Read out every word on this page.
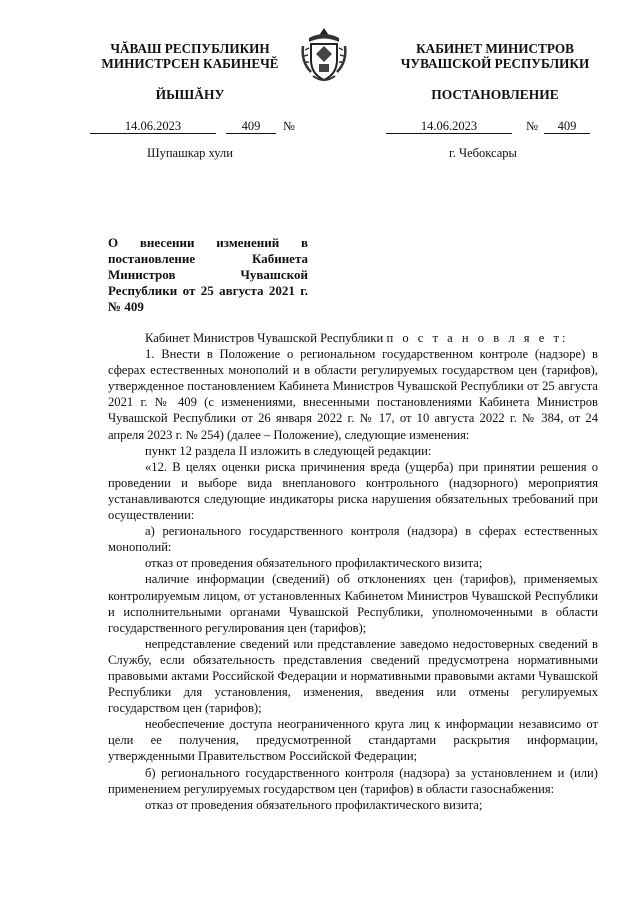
ЧĂВАШ РЕСПУБЛИКИН
МИНИСТРСЕН КАБИНЕЧĔ
ЙЫШĂНУ
КАБИНЕТ МИНИСТРОВ
ЧУВАШСКОЙ РЕСПУБЛИКИ
ПОСТАНОВЛЕНИЕ
14.06.2023	409	№	14.06.2023	№	409
Шупашкар хули	г. Чебоксары
О внесении изменений в постановление Кабинета Министров Чувашской Республики от 25 августа 2021 г. № 409

Кабинет Министров Чувашской Республики п о с т а н о в л я е т:

1. Внести в Положение о региональном государственном контроле (надзоре) в сферах естественных монополий и в области регулируемых государством цен (тарифов), утвержденное постановлением Кабинета Министров Чувашской Республики от 25 августа 2021 г. № 409 (с изменениями, внесенными постановлениями Кабинета Министров Чувашской Республики от 26 января 2022 г. № 17, от 10 августа 2022 г. № 384, от 24 апреля 2023 г. № 254) (далее – Положение), следующие изменения:

пункт 12 раздела II изложить в следующей редакции:

«12. В целях оценки риска причинения вреда (ущерба) при принятии решения о проведении и выборе вида внепланового контрольного (надзорного) мероприятия устанавливаются следующие индикаторы риска нарушения обязательных требований при осуществлении:

а) регионального государственного контроля (надзора) в сферах естественных монополий:

отказ от проведения обязательного профилактического визита;

наличие информации (сведений) об отклонениях цен (тарифов), применяемых контролируемым лицом, от установленных Кабинетом Министров Чувашской Республики и исполнительными органами Чувашской Республики, уполномоченными в области государственного регулирования цен (тарифов);

непредставление сведений или представление заведомо недостоверных сведений в Службу, если обязательность представления сведений предусмотрена нормативными правовыми актами Российской Федерации и нормативными правовыми актами Чувашской Республики для установления, изменения, введения или отмены регулируемых государством цен (тарифов);

необеспечение доступа неограниченного круга лиц к информации независимо от цели ее получения, предусмотренной стандартами раскрытия информации, утвержденными Правительством Российской Федерации;

б) регионального государственного контроля (надзора) за установлением и (или) применением регулируемых государством цен (тарифов) в области газоснабжения:

отказ от проведения обязательного профилактического визита;
